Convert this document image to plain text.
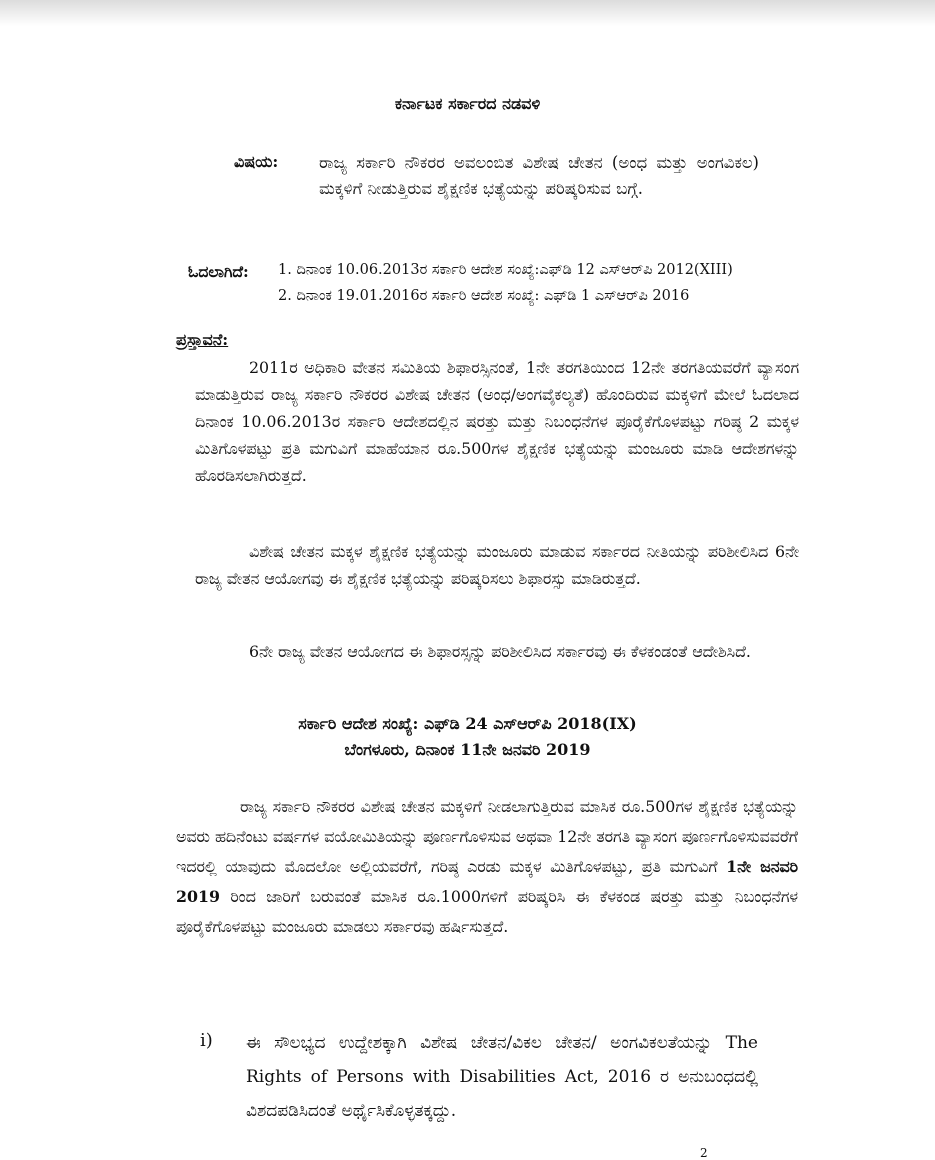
ಕರ್ನಾಟಕ ಸರ್ಕಾರದ ನಡವಳಿ
ವಿಷಯ: ರಾಜ್ಯ ಸರ್ಕಾರಿ ನೌಕರರ ಅವಲಂಬಿತ ವಿಶೇಷ ಚೇತನ (ಅಂಧ ಮತ್ತು ಅಂಗವಿಕಲ) ಮಕ್ಕಳಿಗೆ ನೀಡುತ್ತಿರುವ ಶೈಕ್ಷಣಿಕ ಭತ್ಯೆಯನ್ನು ಪರಿಷ್ಕರಿಸುವ ಬಗ್ಗೆ.
ಓದಲಾಗಿದೆ: 1. ದಿನಾಂಕ 10.06.2013ರ ಸರ್ಕಾರಿ ಆದೇಶ ಸಂಖ್ಯೆ:ಎಫ್‌ಡಿ 12 ಎಸ್‌ಆರ್‌ಪಿ 2012(XIII)
2. ದಿನಾಂಕ 19.01.2016ರ ಸರ್ಕಾರಿ ಆದೇಶ ಸಂಖ್ಯೆ: ಎಫ್‌ಡಿ 1 ಎಸ್‌ಆರ್‌ಪಿ 2016
ಪ್ರಸ್ತಾವನೆ:
2011ರ ಅಧಿಕಾರಿ ವೇತನ ಸಮಿತಿಯ ಶಿಫಾರಸ್ಸಿನಂತೆ, 1ನೇ ತರಗತಿಯಿಂದ 12ನೇ ತರಗತಿಯವರೆಗೆ ವ್ಯಾಸಂಗ ಮಾಡುತ್ತಿರುವ ರಾಜ್ಯ ಸರ್ಕಾರಿ ನೌಕರರ ವಿಶೇಷ ಚೇತನ (ಅಂಧ/ಅಂಗವೈಕಲ್ಯತೆ) ಹೊಂದಿರುವ ಮಕ್ಕಳಿಗೆ ಮೇಲೆ ಓದಲಾದ ದಿನಾಂಕ 10.06.2013ರ ಸರ್ಕಾರಿ ಆದೇಶದಲ್ಲಿನ ಷರತ್ತು ಮತ್ತು ನಿಬಂಧನೆಗಳ ಪೂರೈಕೆಗೊಳಪಟ್ಟು ಗರಿಷ್ಠ 2 ಮಕ್ಕಳ ಮಿತಿಗೊಳಪಟ್ಟು ಪ್ರತಿ ಮಗುವಿಗೆ ಮಾಹೆಯಾನ ರೂ.500ಗಳ ಶೈಕ್ಷಣಿಕ ಭತ್ಯೆಯನ್ನು ಮಂಜೂರು ಮಾಡಿ ಆದೇಶಗಳನ್ನು ಹೊರಡಿಸಲಾಗಿರುತ್ತದೆ.
ವಿಶೇಷ ಚೇತನ ಮಕ್ಕಳ ಶೈಕ್ಷಣಿಕ ಭತ್ಯೆಯನ್ನು ಮಂಜೂರು ಮಾಡುವ ಸರ್ಕಾರದ ನೀತಿಯನ್ನು ಪರಿಶೀಲಿಸಿದ 6ನೇ ರಾಜ್ಯ ವೇತನ ಆಯೋಗವು ಈ ಶೈಕ್ಷಣಿಕ ಭತ್ಯೆಯನ್ನು ಪರಿಷ್ಕರಿಸಲು ಶಿಫಾರಸ್ಸು ಮಾಡಿರುತ್ತದೆ.
6ನೇ ರಾಜ್ಯ ವೇತನ ಆಯೋಗದ ಈ ಶಿಫಾರಸ್ಸನ್ನು ಪರಿಶೀಲಿಸಿದ ಸರ್ಕಾರವು ಈ ಕೆಳಕಂಡಂತೆ ಆದೇಶಿಸಿದೆ.
ಸರ್ಕಾರಿ ಆದೇಶ ಸಂಖ್ಯೆ: ಎಫ್‌ಡಿ 24 ಎಸ್‌ಆರ್‌ಪಿ 2018(IX)
ಬೆಂಗಳೂರು, ದಿನಾಂಕ 11ನೇ ಜನವರಿ 2019
ರಾಜ್ಯ ಸರ್ಕಾರಿ ನೌಕರರ ವಿಶೇಷ ಚೇತನ ಮಕ್ಕಳಿಗೆ ನೀಡಲಾಗುತ್ತಿರುವ ಮಾಸಿಕ ರೂ.500ಗಳ ಶೈಕ್ಷಣಿಕ ಭತ್ಯೆಯನ್ನು ಅವರು ಹದಿನೆಂಟು ವರ್ಷಗಳ ವಯೋಮಿತಿಯನ್ನು ಪೂರ್ಣಗೊಳಿಸುವ ಅಥವಾ 12ನೇ ತರಗತಿ ವ್ಯಾಸಂಗ ಪೂರ್ಣಗೊಳಿಸುವವರೆಗೆ ಇದರಲ್ಲಿ ಯಾವುದು ಮೊದಲೋ ಅಲ್ಲಿಯವರೆಗೆ, ಗರಿಷ್ಠ ಎರಡು ಮಕ್ಕಳ ಮಿತಿಗೊಳಪಟ್ಟು, ಪ್ರತಿ ಮಗುವಿಗೆ 1ನೇ ಜನವರಿ 2019 ರಿಂದ ಜಾರಿಗೆ ಬರುವಂತೆ ಮಾಸಿಕ ರೂ.1000ಗಳಿಗೆ ಪರಿಷ್ಕರಿಸಿ ಈ ಕೆಳಕಂಡ ಷರತ್ತು ಮತ್ತು ನಿಬಂಧನೆಗಳ ಪೂರೈಕೆಗೊಳಪಟ್ಟು ಮಂಜೂರು ಮಾಡಲು ಸರ್ಕಾರವು ಹರ್ಷಿಸುತ್ತದೆ.
i) ಈ ಸೌಲಭ್ಯದ ಉದ್ದೇಶಕ್ಕಾಗಿ ವಿಶೇಷ ಚೇತನ/ವಿಕಲ ಚೇತನ/ ಅಂಗವಿಕಲತೆಯನ್ನು The Rights of Persons with Disabilities Act, 2016 ರ ಅನುಬಂಧದಲ್ಲಿ ವಿಶದಪಡಿಸಿದಂತೆ ಅರ್ಥೈಸಿಕೊಳ್ಳತಕ್ಕದ್ದು.
2
